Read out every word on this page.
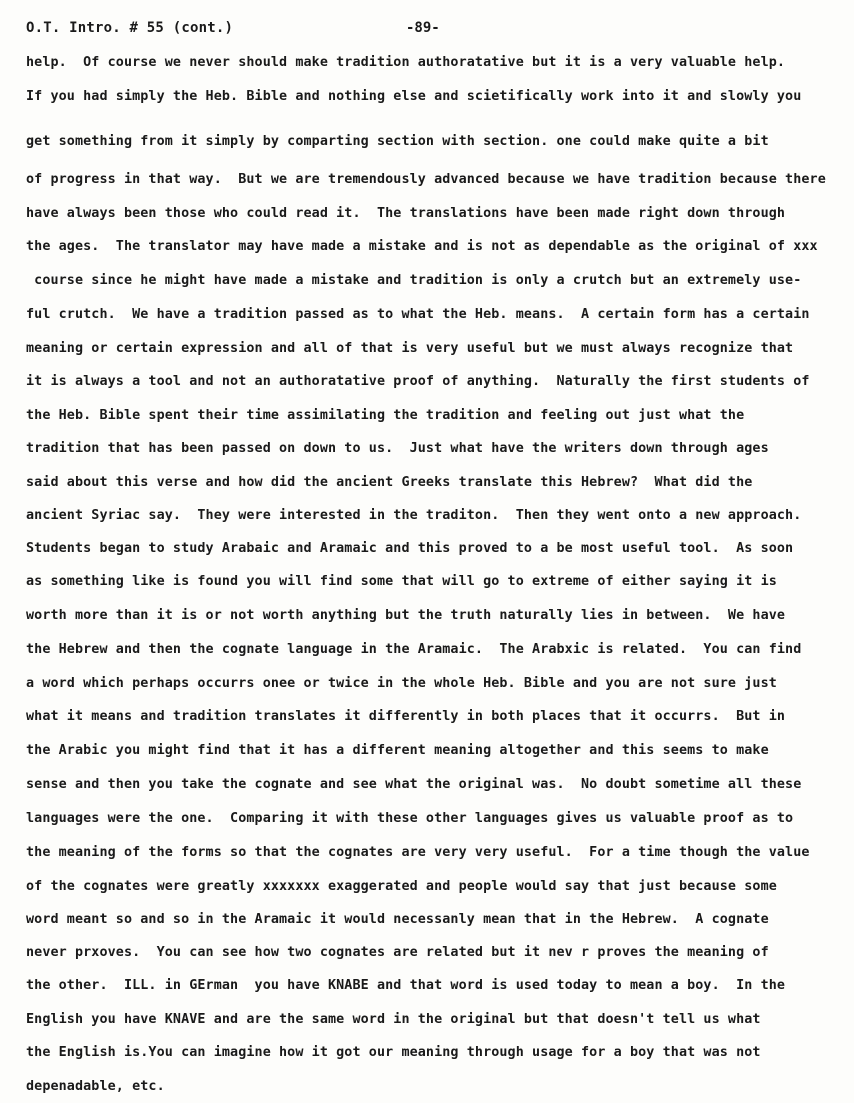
O.T. Intro. # 55 (cont.)	-89-
help.  Of course we never should make tradition authoratative but it is a very valuable help.
If you had simply the Heb. Bible and nothing else and scietifically work into it and slowly you
get something from it simply by comparting section with section. one could make quite a bit
of progress in that way.  But we are tremendously advanced because we have tradition because there
have always been those who could read it.  The translations have been made right down through
the ages.  The translator may have made a mistake and is not as dependable as the original of xxx
course since he might have made a mistake and tradition is only a crutch but an extremely use-
ful crutch.  We have a tradition passed as to what the Heb. means.  A certain form has a certain
meaning or certain expression and all of that is very useful but we must always recognize that
it is always a tool and not an authoratative proof of anything.  Naturally the first students of
the Heb. Bible spent their time assimilating the tradition and feeling out just what the
tradition that has been passed on down to us.  Just what have the writers down through ages
said about this verse and how did the ancient Greeks translate this Hebrew?  What did the
ancient Syriac say.  They were interested in the traditon.  Then they went onto a new approach.
Students began to study Arabaic and Aramaic and this proved to a be most useful tool.  As soon
as something like is found you will find some that will go to extreme of either saying it is
worth more than it is or not worth anything but the truth naturally lies in between.  We have
the Hebrew and then the cognate language in the Aramaic.  The Arabxic is related.  You can find
a word which perhaps occurrs onee or twice in the whole Heb. Bible and you are not sure just
what it means and tradition translates it differently in both places that it occurrs.  But in
the Arabic you might find that it has a different meaning altogether and this seems to make
sense and then you take the cognate and see what the original was.  No doubt sometime all these
languages were the one.  Comparing it with these other languages gives us valuable proof as to
the meaning of the forms so that the cognates are very very useful.  For a time though the value
of the cognates were greatly xxxxxxx exaggerated and people would say that just because some
word meant so and so in the Aramaic it would necessanly mean that in the Hebrew.  A cognate
never prxoves.  You can see how two cognates are related but it nev r proves the meaning of
the other.  ILL. in GErman  you have KNABE and that word is used today to mean a boy.  In the
English you have KNAVE and are the same word in the original but that doesn't tell us what
the English is.You can imagine how it got our meaning through usage for a boy that was not
depenadable, etc.
